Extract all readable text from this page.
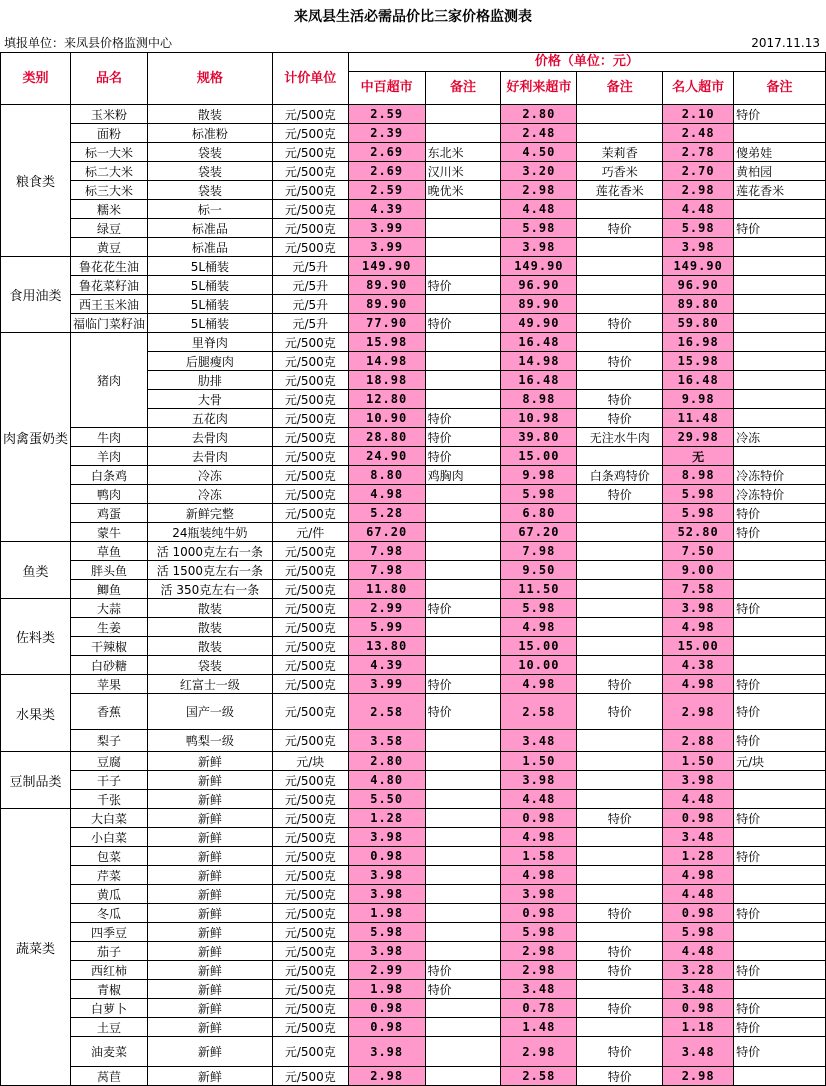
来凤县生活必需品价比三家价格监测表
填报单位：来凤县价格监测中心	2017.11.13
类别	品名	规格	计价单位	价格（单位：元）					
				中百超市	备注	好利来超市	备注	名人超市	备注
粮食类	玉米粉	散装	元/500克	2.59		2.80		2.10	特价
	面粉	标准粉	元/500克	2.39		2.48		2.48	
	标一大米	袋装	元/500克	2.69	东北米	4.50	茉莉香	2.78	傻弟娃
	标二大米	袋装	元/500克	2.69	汉川米	3.20	巧香米	2.70	黄柏园
	标三大米	袋装	元/500克	2.59	晚优米	2.98	莲花香米	2.98	莲花香米
	糯米	标一	元/500克	4.39		4.48		4.48	
	绿豆	标准品	元/500克	3.99		5.98	特价	5.98	特价
	黄豆	标准品	元/500克	3.99		3.98		3.98	
食用油类	鲁花花生油	5L桶装	元/5升	149.90		149.90		149.90	
	鲁花菜籽油	5L桶装	元/5升	89.90	特价	96.90		96.90	
	西王玉米油	5L桶装	元/5升	89.90		89.90		89.80	
	福临门菜籽油	5L桶装	元/5升	77.90	特价	49.90	特价	59.80	
肉禽蛋奶类	猪肉	里脊肉	元/500克	15.98		16.48		16.98	
		后腿瘦肉	元/500克	14.98		14.98	特价	15.98	
		肋排	元/500克	18.98		16.48		16.48	
		大骨	元/500克	12.80		8.98	特价	9.98	
		五花肉	元/500克	10.90	特价	10.98	特价	11.48	
	牛肉	去骨肉	元/500克	28.80	特价	39.80	无注水牛肉	29.98	冷冻
	羊肉	去骨肉	元/500克	24.90	特价	15.00		无	
	白条鸡	冷冻	元/500克	8.80	鸡胸肉	9.98	白条鸡特价	8.98	冷冻特价
	鸭肉	冷冻	元/500克	4.98		5.98	特价	5.98	冷冻特价
	鸡蛋	新鲜完整	元/500克	5.28		6.80		5.98	特价
	蒙牛	24瓶装纯牛奶	元/件	67.20		67.20		52.80	特价
鱼类	草鱼	活 1000克左右一条	元/500克	7.98		7.98		7.50	
	胖头鱼	活 1500克左右一条	元/500克	7.98		9.50		9.00	
	鲫鱼	活 350克左右一条	元/500克	11.80		11.50		7.58	
佐料类	大蒜	散装	元/500克	2.99	特价	5.98		3.98	特价
	生姜	散装	元/500克	5.99		4.98		4.98	
	干辣椒	散装	元/500克	13.80		15.00		15.00	
	白砂糖	袋装	元/500克	4.39		10.00		4.38	
水果类	苹果	红富士一级	元/500克	3.99	特价	4.98	特价	4.98	特价
	香蕉	国产一级	元/500克	2.58	特价	2.58	特价	2.98	特价
	梨子	鸭梨一级	元/500克	3.58		3.48		2.88	特价
豆制品类	豆腐	新鲜	元/块	2.80		1.50		1.50	元/块
	干子	新鲜	元/500克	4.80		3.98		3.98	
	千张	新鲜	元/500克	5.50		4.48		4.48	
蔬菜类	大白菜	新鲜	元/500克	1.28		0.98	特价	0.98	特价
	小白菜	新鲜	元/500克	3.98		4.98		3.48	
	包菜	新鲜	元/500克	0.98		1.58		1.28	特价
	芹菜	新鲜	元/500克	3.98		4.98		4.98	
	黄瓜	新鲜	元/500克	3.98		3.98		4.48	
	冬瓜	新鲜	元/500克	1.98		0.98	特价	0.98	特价
	四季豆	新鲜	元/500克	5.98		5.98		5.98	
	茄子	新鲜	元/500克	3.98		2.98	特价	4.48	
	西红柿	新鲜	元/500克	2.99	特价	2.98	特价	3.28	特价
	青椒	新鲜	元/500克	1.98	特价	3.48		3.48	
	白萝卜	新鲜	元/500克	0.98		0.78	特价	0.98	特价
	土豆	新鲜	元/500克	0.98		1.48		1.18	特价
	油麦菜	新鲜	元/500克	3.98		2.98	特价	3.48	特价
	莴苣	新鲜	元/500克	2.98		2.58	特价	2.98	
